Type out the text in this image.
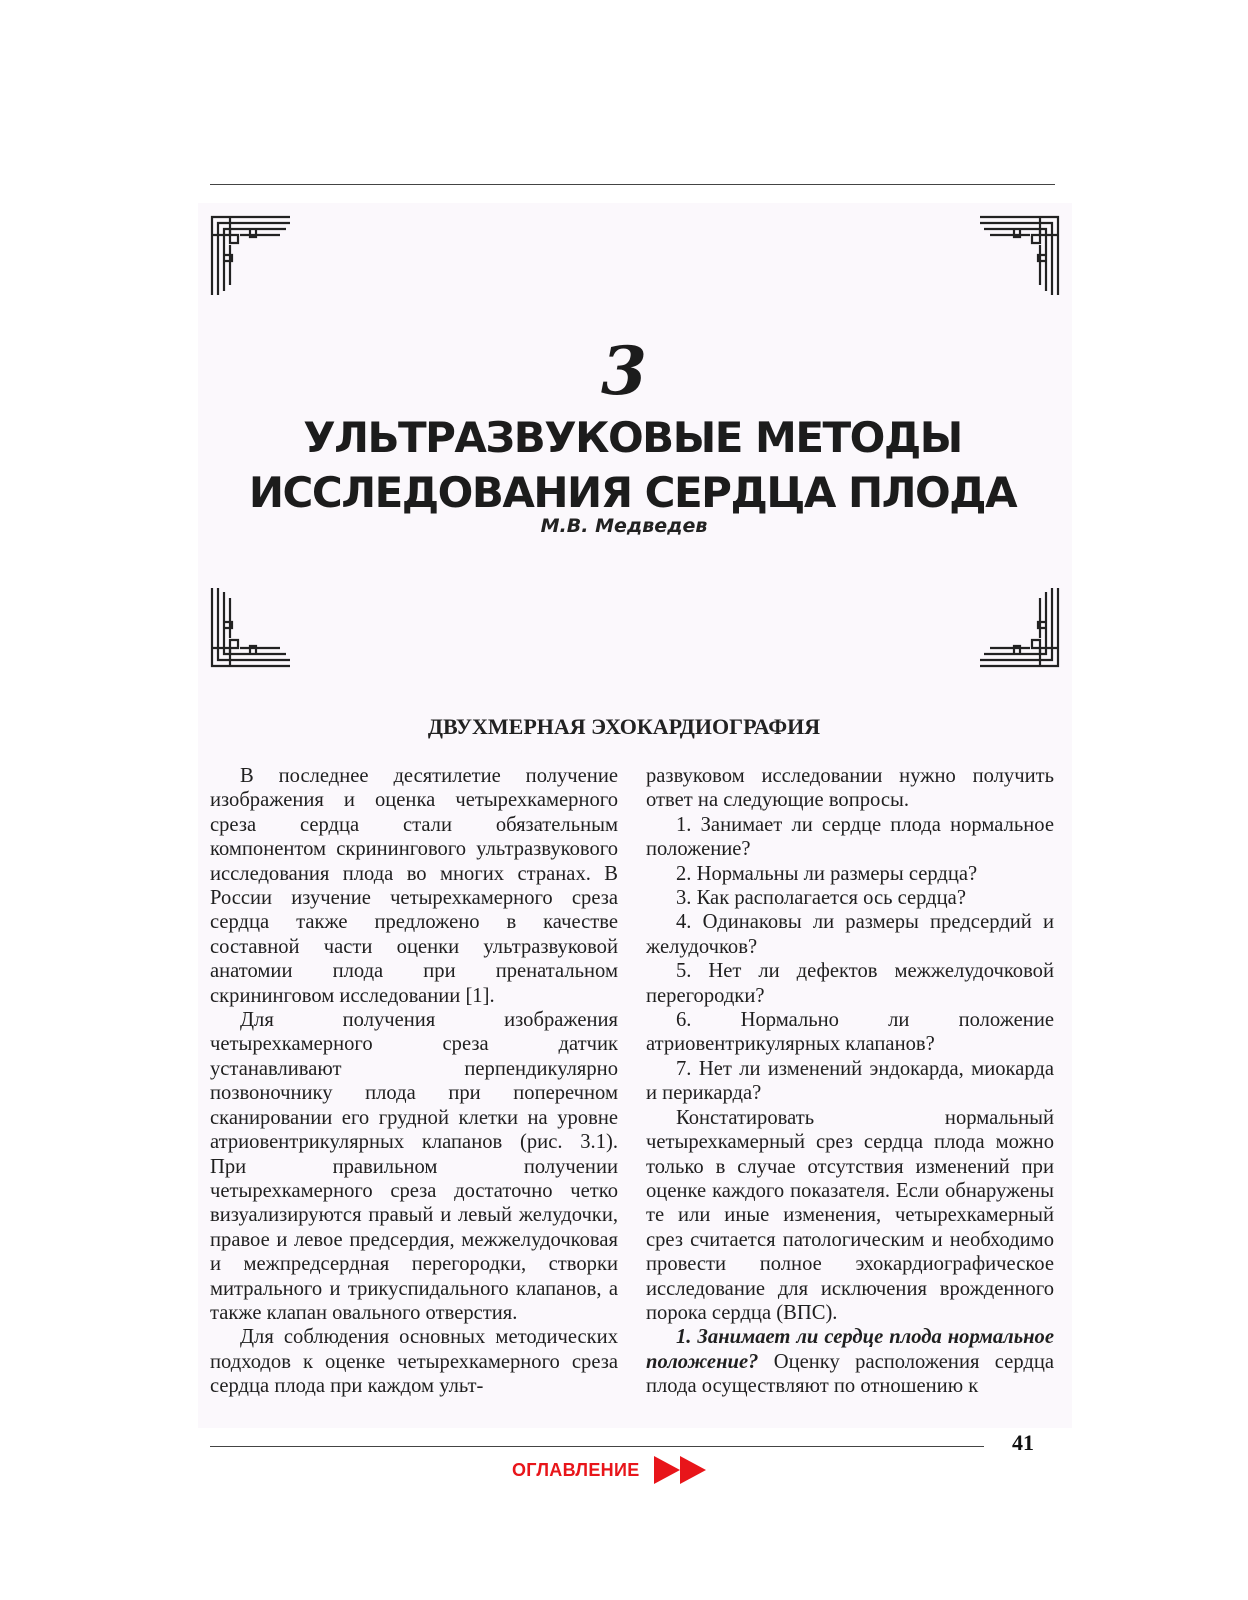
3
УЛЬТРАЗВУКОВЫЕ МЕТОДЫ
ИССЛЕДОВАНИЯ СЕРДЦА ПЛОДА
М.В. Медведев
ДВУХМЕРНАЯ ЭХОКАРДИОГРАФИЯ

В последнее десятилетие получение изображения и оценка четырехкамерного среза сердца стали обязательным компонентом скринингового ультразвукового исследования плода во многих странах. В России изучение четырехкамерного среза сердца также предложено в качестве составной части оценки ультразвуковой анатомии плода при пренатальном скрининговом исследовании [1].

Для получения изображения четырехкамерного среза датчик устанавливают перпендикулярно позвоночнику плода при поперечном сканировании его грудной клетки на уровне атриовентрикулярных клапанов (рис. 3.1). При правильном получении четырехкамерного среза достаточно четко визуализируются правый и левый желудочки, правое и левое предсердия, межжелудочковая и межпредсердная перегородки, створки митрального и трикуспидального клапанов, а также клапан овального отверстия.

Для соблюдения основных методических подходов к оценке четырехкамерного среза сердца плода при каждом ульт-

развуковом исследовании нужно получить ответ на следующие вопросы.

1. Занимает ли сердце плода нормальное положение?

2. Нормальны ли размеры сердца?

3. Как располагается ось сердца?

4. Одинаковы ли размеры предсердий и желудочков?

5. Нет ли дефектов межжелудочковой перегородки?

6. Нормально ли положение атриовентрикулярных клапанов?

7. Нет ли изменений эндокарда, миокарда и перикарда?

Констатировать нормальный четырехкамерный срез сердца плода можно только в случае отсутствия изменений при оценке каждого показателя. Если обнаружены те или иные изменения, четырехкамерный срез считается патологическим и необходимо провести полное эхокардиографическое исследование для исключения врожденного порока сердца (ВПС).

1. Занимает ли сердце плода нормальное положение? Оценку расположения сердца плода осуществляют по отношению к

41
ОГЛАВЛЕНИЕ
